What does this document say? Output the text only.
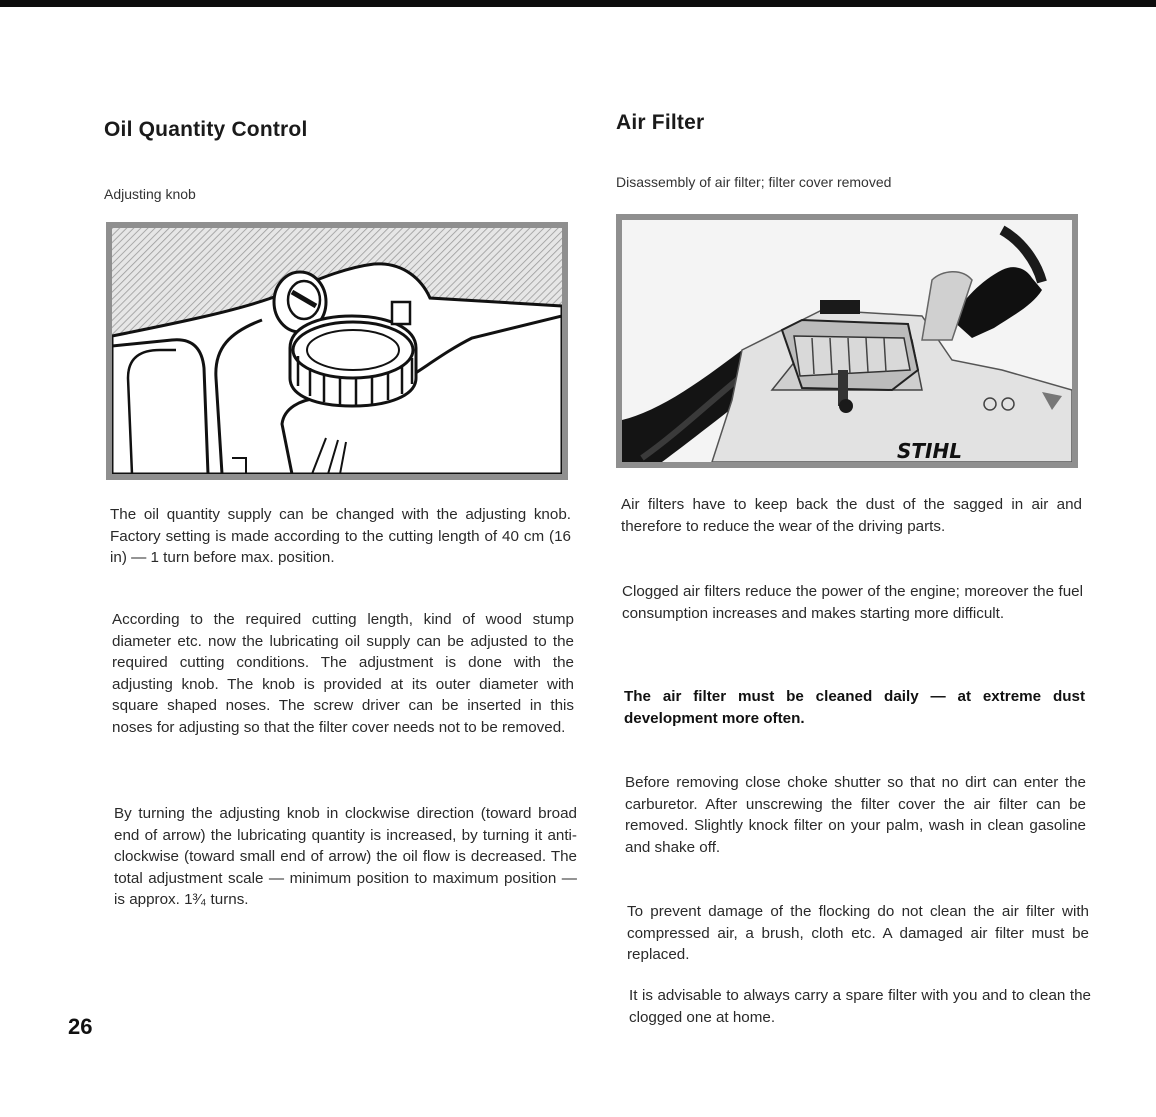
Oil Quantity Control
Adjusting knob

The oil quantity supply can be changed with the adjusting knob. Factory setting is made according to the cutting length of 40 cm (16 in) — 1 turn before max. position.

According to the required cutting length, kind of wood stump diameter etc. now the lubricating oil supply can be adjusted to the required cutting conditions. The adjustment is done with the adjusting knob. The knob is provided at its outer diameter with square shaped noses. The screw driver can be inserted in this noses for adjusting so that the filter cover needs not to be removed.

By turning the adjusting knob in clockwise direction (toward broad end of arrow) the lubricating quantity is increased, by turning it anti-clockwise (toward small end of arrow) the oil flow is decreased. The total adjustment scale — minimum position to maximum position — is approx. 1³⁄₄ turns.

26
Air Filter
Disassembly of air filter; filter cover removed
STIHL

Air filters have to keep back the dust of the sagged in air and therefore to reduce the wear of the driving parts.

Clogged air filters reduce the power of the engine; moreover the fuel consumption increases and makes starting more difficult.

The air filter must be cleaned daily — at extreme dust development more often.

Before removing close choke shutter so that no dirt can enter the carburetor. After unscrewing the filter cover the air filter can be removed. Slightly knock filter on your palm, wash in clean gasoline and shake off.

To prevent damage of the flocking do not clean the air filter with compressed air, a brush, cloth etc. A damaged air filter must be replaced.

It is advisable to always carry a spare filter with you and to clean the clogged one at home.
